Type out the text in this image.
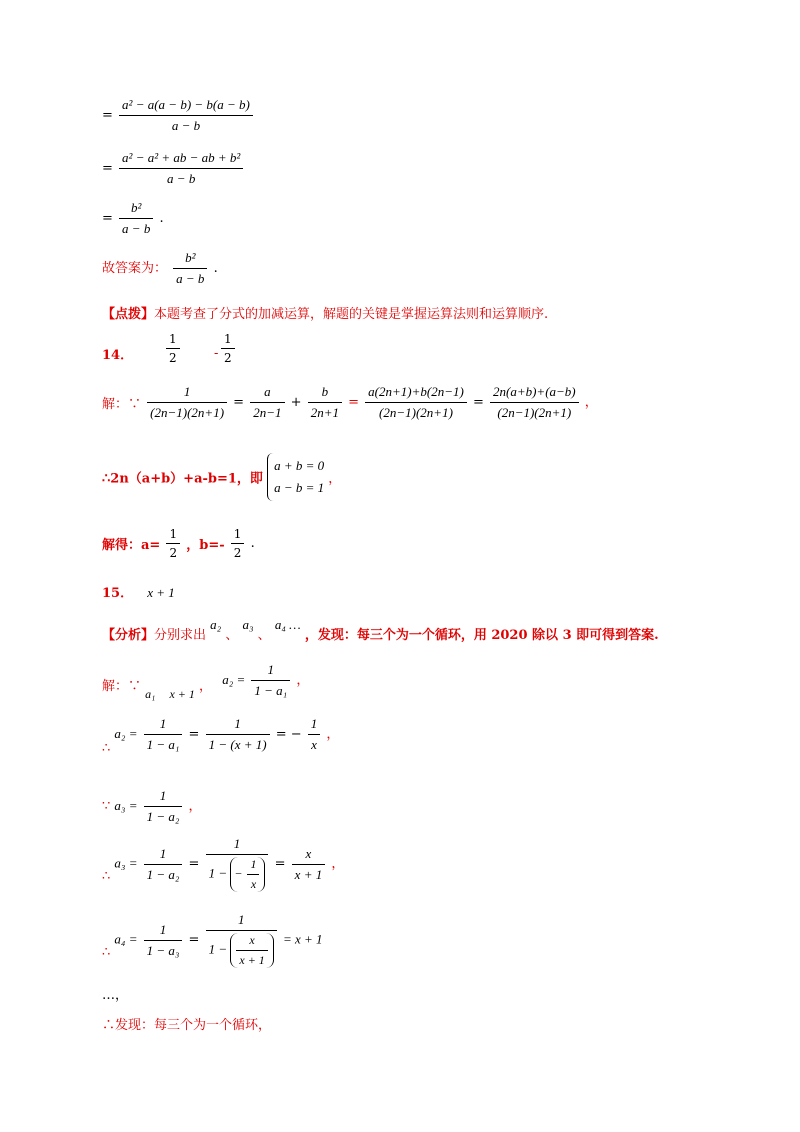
= $\frac{\text{a² − a(a − b) − b(a − b)}}{a - b}$
= $\frac{\text{a² − a² + ab − ab + b²}}{a - b}$
= $\frac{\text{b²}}{a - b}$ .
故答案为： $\frac{\text{b²}}{a - b}$ .
【点拨】本题考查了分式的加减运算，解题的关键是掌握运算法则和运算顺序.
14．	$\frac{1}{2}$	- $\frac{1}{2}$
解：∵ $\frac{1}{(2n-1)(2n+1)} = \frac{a}{2n-1} + \frac{b}{2n+1} = \frac{a(2n+1)+b(2n-1)}{(2n-1)(2n+1)} = \frac{2n(a+b)+(a-b)}{(2n-1)(2n+1)}$ ，
∴2n（a+b）+a-b=1，即
a + b = 0
a − b = 1
，
解得：$a= \frac{1}{2}$ ，$b=- \frac{1}{2}$ .
15． x + 1
【分析】分别求出 a₂ 、 a₃ 、 a₄ … ，发现：每三个为一个循环，用 2020 除以 3 即可得到答案.
解：∵ a₁ x + 1 ， $a_2 = \frac{1}{\text{1 − a₁}}$ ，
∴ $a_2 = \frac{1}{\text{1 − a₁}} = \frac{1}{1 - (x + 1)}$ = − $\frac{1}{x}$ ，
∵ $a_3 = \frac{1}{\text{1 − a₂}}$ ，
∴ $a_3 = \frac{1}{\text{1 − a₂}} = \frac{1}{1 - - \frac{1}{x}} = \frac{x}{x + 1}$ ，
∴ $a_4 = \frac{1}{\text{1 − a₃}} = \frac{1}{1 - \frac{x}{x + 1}} = x + 1$
…，
∴发现：每三个为一个循环，
